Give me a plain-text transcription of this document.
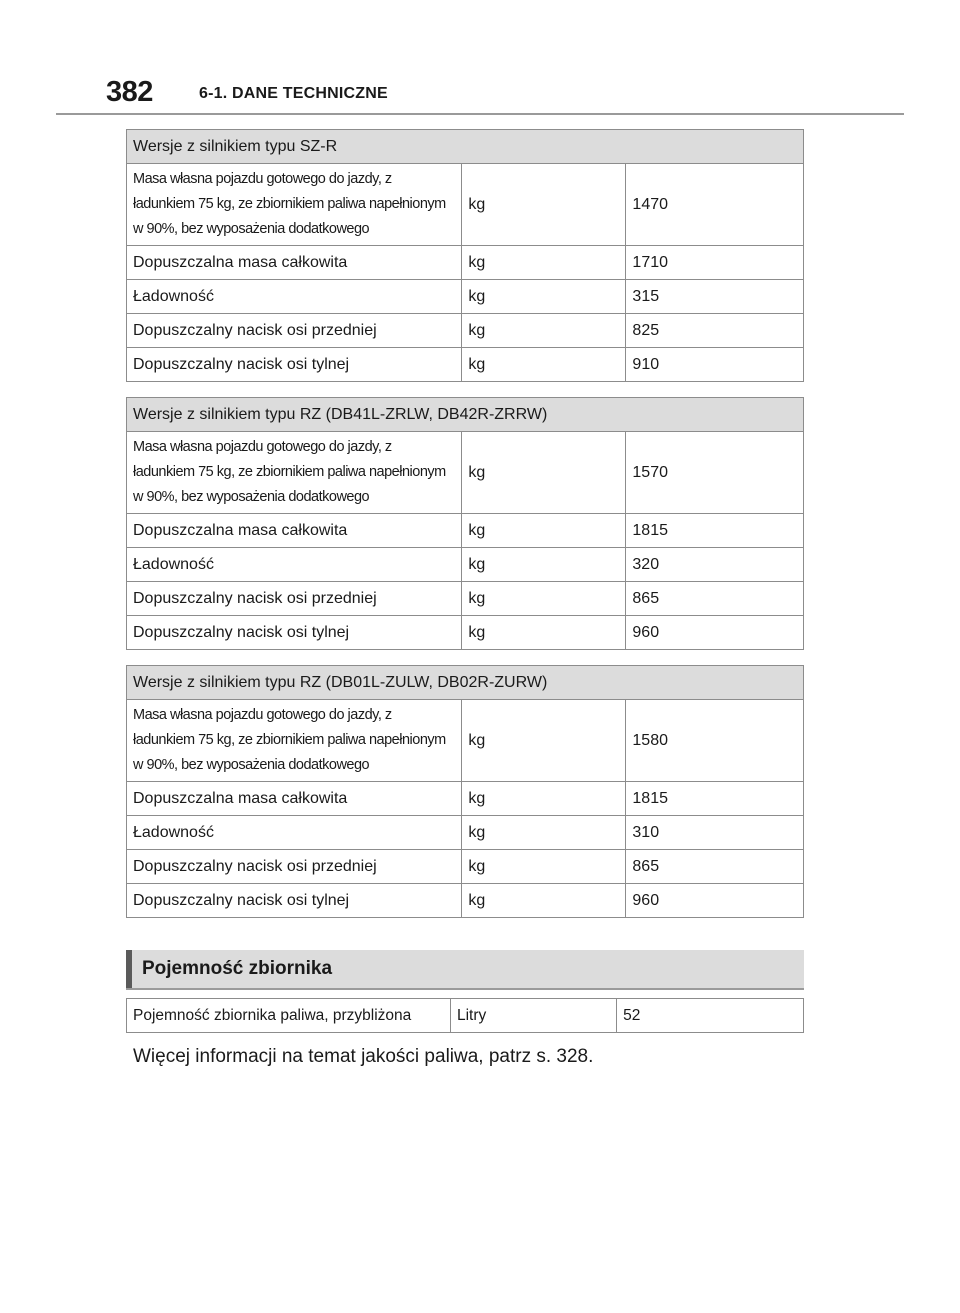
382	6-1. DANE TECHNICZNE
Wersje z silnikiem typu SZ-R		
Masa własna pojazdu gotowego do jazdy, z ładunkiem 75 kg, ze zbiornikiem paliwa napełnionym w 90%, bez wyposażenia dodatkowego	kg	1470
Dopuszczalna masa całkowita	kg	1710
Ładowność	kg	315
Dopuszczalny nacisk osi przedniej	kg	825
Dopuszczalny nacisk osi tylnej	kg	910
Wersje z silnikiem typu RZ (DB41L-ZRLW, DB42R-ZRRW)		
Masa własna pojazdu gotowego do jazdy, z ładunkiem 75 kg, ze zbiornikiem paliwa napełnionym w 90%, bez wyposażenia dodatkowego	kg	1570
Dopuszczalna masa całkowita	kg	1815
Ładowność	kg	320
Dopuszczalny nacisk osi przedniej	kg	865
Dopuszczalny nacisk osi tylnej	kg	960
Wersje z silnikiem typu RZ (DB01L-ZULW, DB02R-ZURW)		
Masa własna pojazdu gotowego do jazdy, z ładunkiem 75 kg, ze zbiornikiem paliwa napełnionym w 90%, bez wyposażenia dodatkowego	kg	1580
Dopuszczalna masa całkowita	kg	1815
Ładowność	kg	310
Dopuszczalny nacisk osi przedniej	kg	865
Dopuszczalny nacisk osi tylnej	kg	960
Pojemność zbiornika
Pojemność zbiornika paliwa, przybliżona	Litry	52
Więcej informacji na temat jakości paliwa, patrz s. 328.
